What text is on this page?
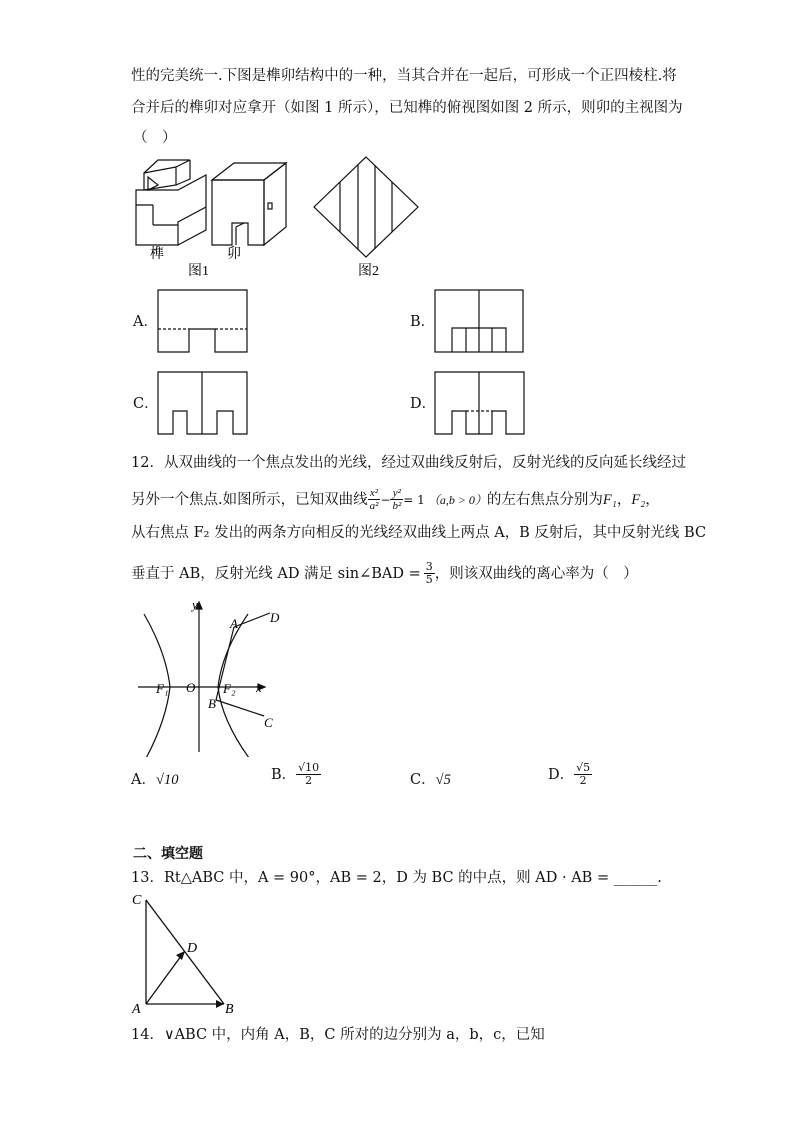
性的完美统一.下图是榫卯结构中的一种，当其合并在一起后，可形成一个正四棱柱.将
合并后的榫卯对应拿开（如图 1 所示），已知榫的俯视图如图 2 所示，则卯的主视图为
（　）
榫	卯
图1	图2
A．	B．
C．	D．
12．从双曲线的一个焦点发出的光线，经过双曲线反射后，反射光线的反向延长线经过
另外一个焦点.如图所示，已知双曲线 $\frac{\text{x²}}{\text{a²}} - \frac{\text{y²}}{\text{b²}} = 1$ （a,b > 0） 的左右焦点分别为 F₁ ， F₂ ，
从右焦点 F₂ 发出的两条方向相反的光线经双曲线上两点 A，B 反射后，其中反射光线 BC
垂直于 AB，反射光线 AD 满足 sin∠BAD = $\frac{3}{5}$ ，则该双曲线的离心率为（　）
y
x
O
F₁	F₂
A
B
C
D
A．√10	B． $\frac{√10}{2}$	C．√5	D． $\frac{√5}{2}$
二、填空题
13．Rt△ABC 中，A = 90°，AB = 2，D 为 BC 的中点，则 AD · AB = ______.
C
A	B
D
14．∨ABC 中，内角 A，B，C 所对的边分别为 a，b，c，已知
